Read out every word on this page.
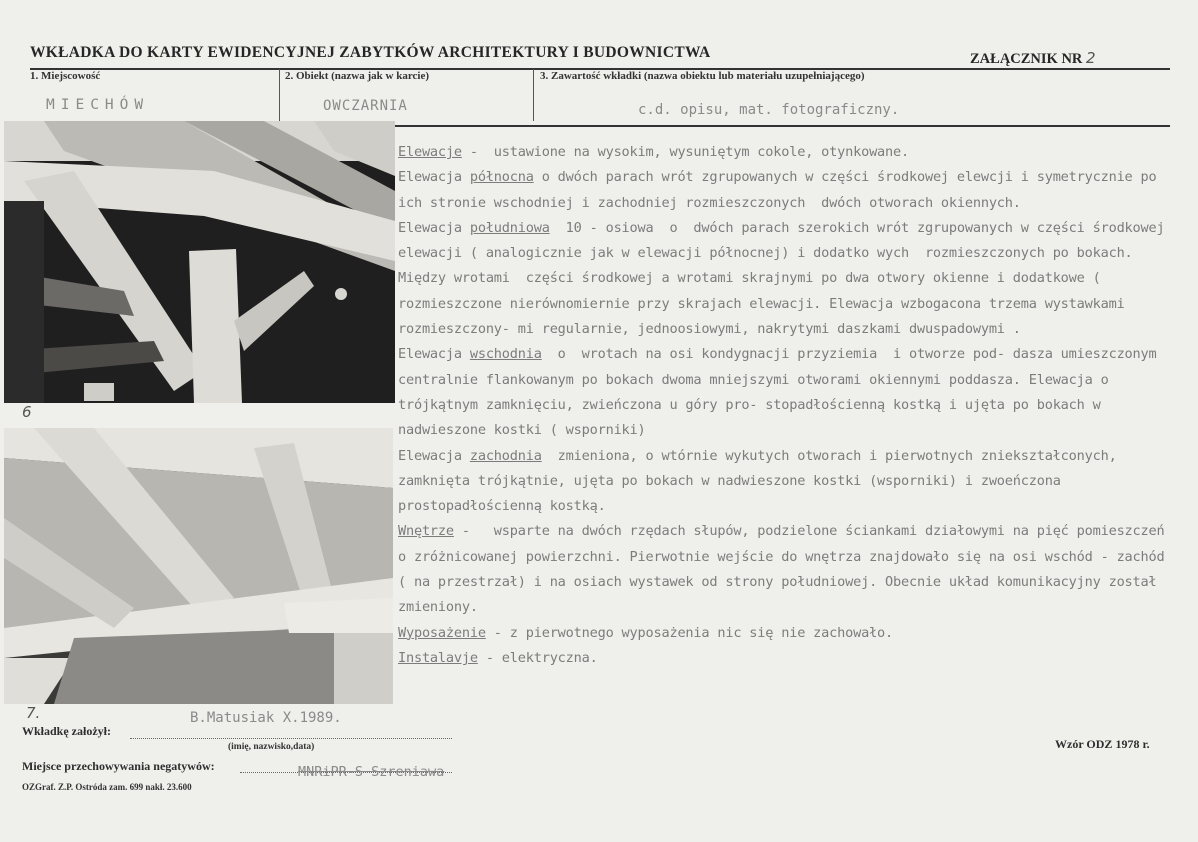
WKŁADKA DO KARTY EWIDENCYJNEJ ZABYTKÓW ARCHITEKTURY I BUDOWNICTWA	ZAŁĄCZNIK NR 2
1. Miejscowość	2. Obiekt (nazwa jak w karcie)	3. Zawartość wkładki (nazwa obiektu lub materiału uzupełniającego)
MIECHÓW	OWCZARNIA	c.d. opisu, mat. fotograficzny.
6
7.

Elewacje -  ustawione na wysokim, wysuniętym cokole, otynkowane.

Elewacja północna o dwóch parach wrót zgrupowanych w części środkowej elewcji i symetrycznie po ich stronie wschodniej i zachodniej rozmieszczonych  dwóch otworach okiennych.

Elewacja południowa  10 - osiowa  o  dwóch parach szerokich wrót zgrupowanych w części środkowej elewacji ( analogicznie jak w elewacji północnej) i dodatko wych  rozmieszczonych po bokach. Między wrotami  części środkowej a wrotami skrajnymi po dwa otwory okienne i dodatkowe ( rozmieszczone nierównomiernie przy skrajach elewacji. Elewacja wzbogacona trzema wystawkami  rozmieszczony- mi regularnie, jednoosiowymi, nakrytymi daszkami dwuspadowymi .

Elewacja wschodnia  o  wrotach na osi kondygnacji przyziemia  i otworze pod- dasza umieszczonym centralnie flankowanym po bokach dwoma mniejszymi otworami okiennymi poddasza. Elewacja o trójkątnym zamknięciu, zwieńczona u góry pro- stopadłościenną kostką i ujęta po bokach w nadwieszone kostki ( wsporniki)

Elewacja zachodnia  zmieniona, o wtórnie wykutych otworach i pierwotnych zniekształconych, zamknięta trójkątnie, ujęta po bokach w nadwieszone kostki (wsporniki) i zwoeńczona prostopadłościenną kostką.

Wnętrze -   wsparte na dwóch rzędach słupów, podzielone ściankami działowymi na pięć pomieszczeń o zróżnicowanej powierzchni. Pierwotnie wejście do wnętrza znajdowało się na osi wschód - zachód ( na przestrzał) i na osiach wystawek od strony południowej. Obecnie układ komunikacyjny został zmieniony.

Wyposażenie - z pierwotnego wyposażenia nic się nie zachowało.

Instalavje - elektryczna.

B.Matusiak X.1989.
Wkładkę założył:
(imię, nazwisko,data)	Wzór ODZ 1978 r.
Miejsce przechowywania negatywów:	MNRiPR-S Szreniawa
OZGraf. Z.P. Ostróda zam. 699 nakł. 23.600
